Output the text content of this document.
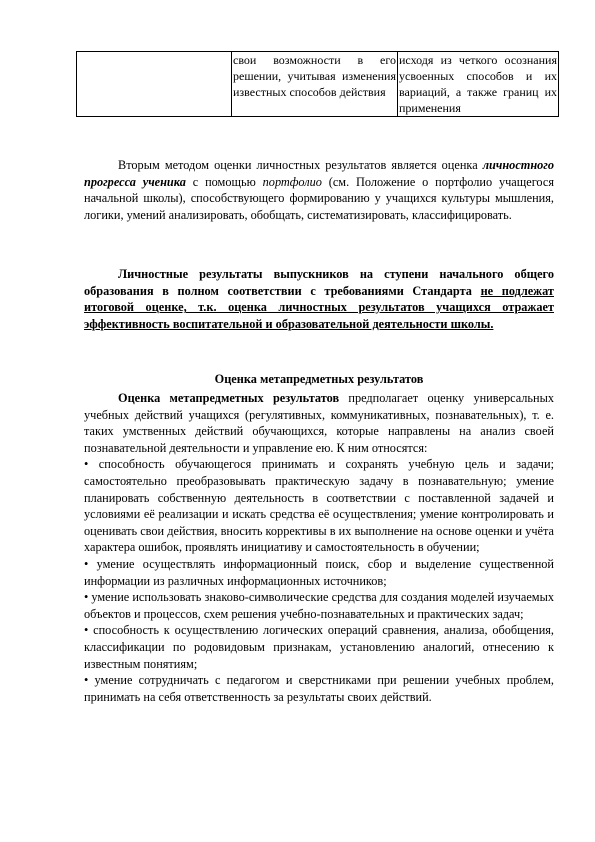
	свои возможности в его решении, учитывая изменения известных способов действия	исходя из четкого осознания усвоенных способов и их вариаций, а также границ их применения

Вторым методом оценки личностных результатов является оценка личностного прогресса ученика с помощью портфолио (см. Положение о портфолио учащегося начальной школы), способствующего формированию у учащихся культуры мышления, логики, умений анализировать, обобщать, систематизировать, классифицировать.

Личностные результаты выпускников на ступени начального общего образования в полном соответствии с требованиями Стандарта не подлежат итоговой оценке, т.к. оценка личностных результатов учащихся отражает эффективность воспитательной и образовательной деятельности школы.

Оценка метапредметных результатов

Оценка метапредметных результатов предполагает оценку универсальных учебных действий учащихся (регулятивных, коммуникативных, познавательных), т. е. таких умственных действий обучающихся, которые направлены на анализ своей познавательной деятельности и управление ею. К ним относятся:

• способность обучающегося принимать и сохранять учебную цель и задачи; самостоятельно преобразовывать практическую задачу в познавательную; умение планировать собственную деятельность в соответствии с поставленной задачей и условиями её реализации и искать средства её осуществления; умение контролировать и оценивать свои действия, вносить коррективы в их выполнение на основе оценки и учёта характера ошибок, проявлять инициативу и самостоятельность в обучении;

• умение осуществлять информационный поиск, сбор и выделение существенной информации из различных информационных источников;

• умение использовать знаково-символические средства для создания моделей изучаемых объектов и процессов, схем решения учебно-познавательных и практических задач;

• способность к осуществлению логических операций сравнения, анализа, обобщения, классификации по родовидовым признакам, установлению аналогий, отнесению к известным понятиям;

• умение сотрудничать с педагогом и сверстниками при решении учебных проблем, принимать на себя ответственность за результаты своих действий.
